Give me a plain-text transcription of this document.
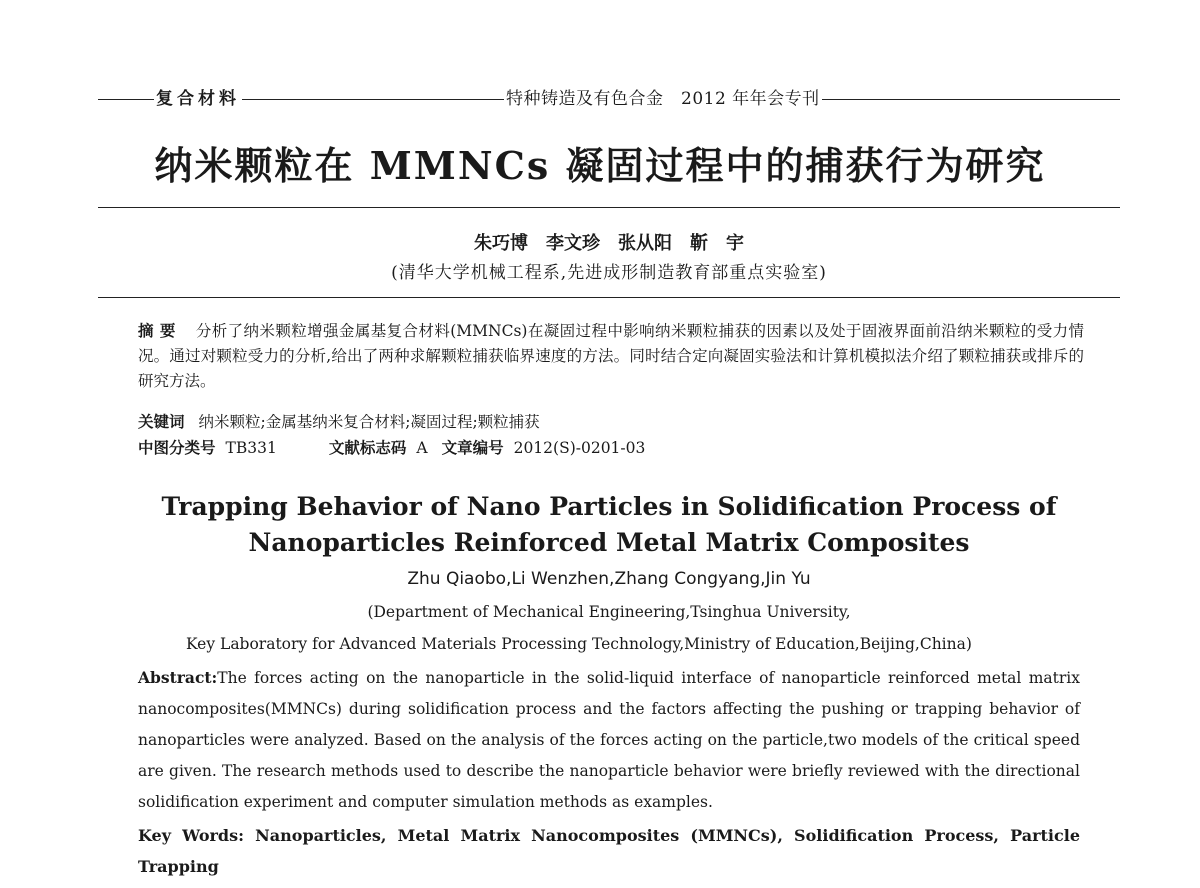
复合材料	特种铸造及有色合金　2012 年年会专刊
纳米颗粒在 MMNCs 凝固过程中的捕获行为研究
朱巧博　李文珍　张从阳　靳　宇
(清华大学机械工程系,先进成形制造教育部重点实验室)
摘要 分析了纳米颗粒增强金属基复合材料(MMNCs)在凝固过程中影响纳米颗粒捕获的因素以及处于固液界面前沿纳米颗粒的受力情况。通过对颗粒受力的分析,给出了两种求解颗粒捕获临界速度的方法。同时结合定向凝固实验法和计算机模拟法介绍了颗粒捕获或排斥的研究方法。
关键词 纳米颗粒;金属基纳米复合材料;凝固过程;颗粒捕获
中图分类号 TB331	文献标志码 A 文章编号 2012(S)-0201-03
Trapping Behavior of Nano Particles in Solidification Process of
Nanoparticles Reinforced Metal Matrix Composites
Zhu Qiaobo,Li Wenzhen,Zhang Congyang,Jin Yu
(Department of Mechanical Engineering,Tsinghua University,
Key Laboratory for Advanced Materials Processing Technology,Ministry of Education,Beijing,China)
Abstract:The forces acting on the nanoparticle in the solid-liquid interface of nanoparticle reinforced metal matrix nanocomposites(MMNCs) during solidification process and the factors affecting the pushing or trapping behavior of nanoparticles were analyzed. Based on the analysis of the forces acting on the particle,two models of the critical speed are given. The research methods used to describe the nanoparticle behavior were briefly reviewed with the directional solidification experiment and computer simulation methods as examples.
Key Words: Nanoparticles, Metal Matrix Nanocomposites (MMNCs), Solidification Process, Particle Trapping
